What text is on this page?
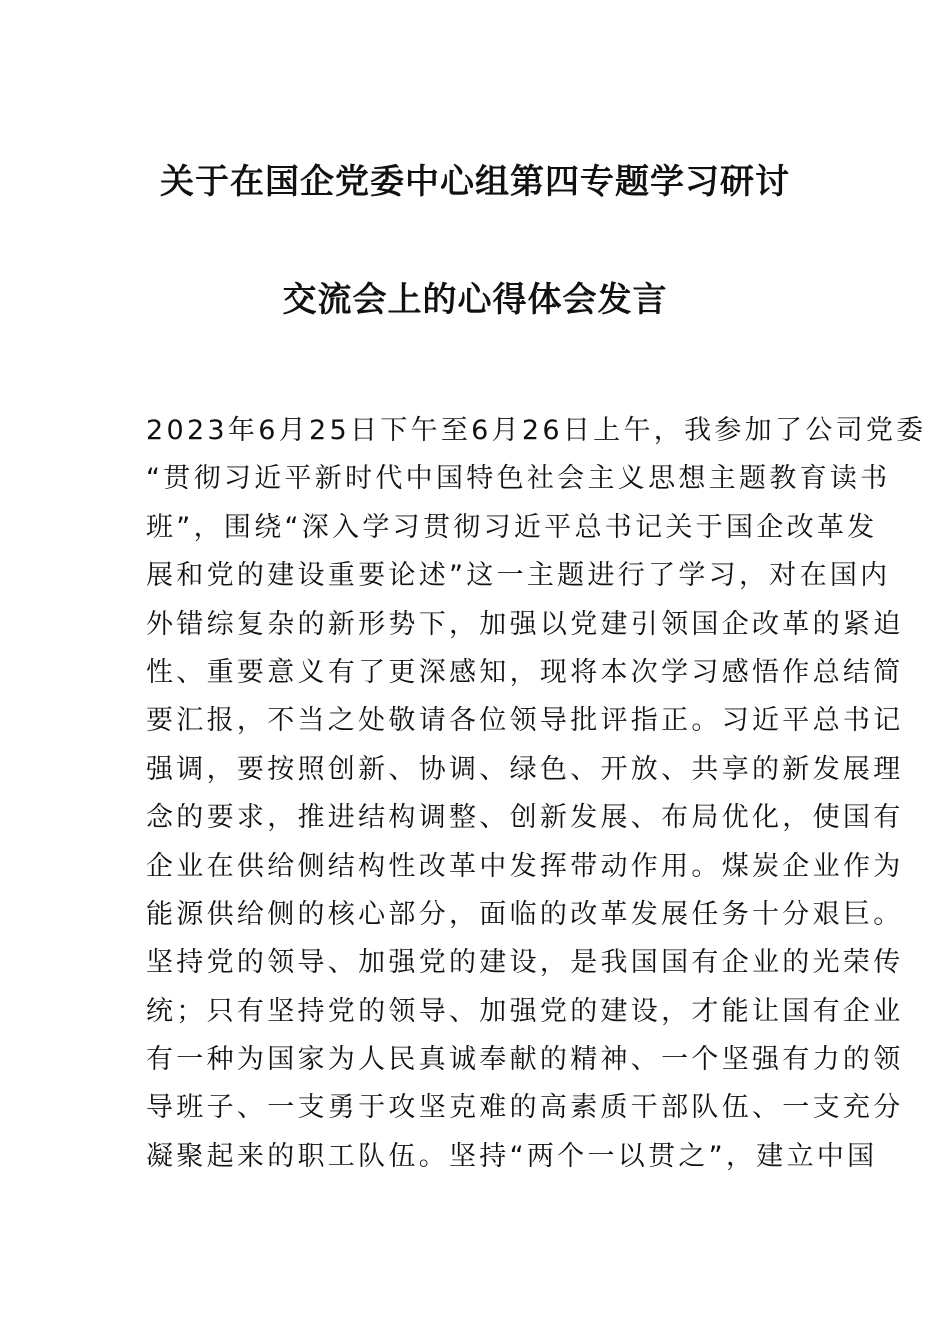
关于在国企党委中心组第四专题学习研讨
交流会上的心得体会发言
2023年6月25日下午至6月26日上午，我参加了公司党委
“贯彻习近平新时代中国特色社会主义思想主题教育读书
班”，围绕“深入学习贯彻习近平总书记关于国企改革发
展和党的建设重要论述”这一主题进行了学习，对在国内
外错综复杂的新形势下，加强以党建引领国企改革的紧迫
性、重要意义有了更深感知，现将本次学习感悟作总结简
要汇报，不当之处敬请各位领导批评指正。习近平总书记
强调，要按照创新、协调、绿色、开放、共享的新发展理
念的要求，推进结构调整、创新发展、布局优化，使国有
企业在供给侧结构性改革中发挥带动作用。煤炭企业作为
能源供给侧的核心部分，面临的改革发展任务十分艰巨。
坚持党的领导、加强党的建设，是我国国有企业的光荣传
统；只有坚持党的领导、加强党的建设，才能让国有企业
有一种为国家为人民真诚奉献的精神、一个坚强有力的领
导班子、一支勇于攻坚克难的高素质干部队伍、一支充分
凝聚起来的职工队伍。坚持“两个一以贯之”，建立中国
